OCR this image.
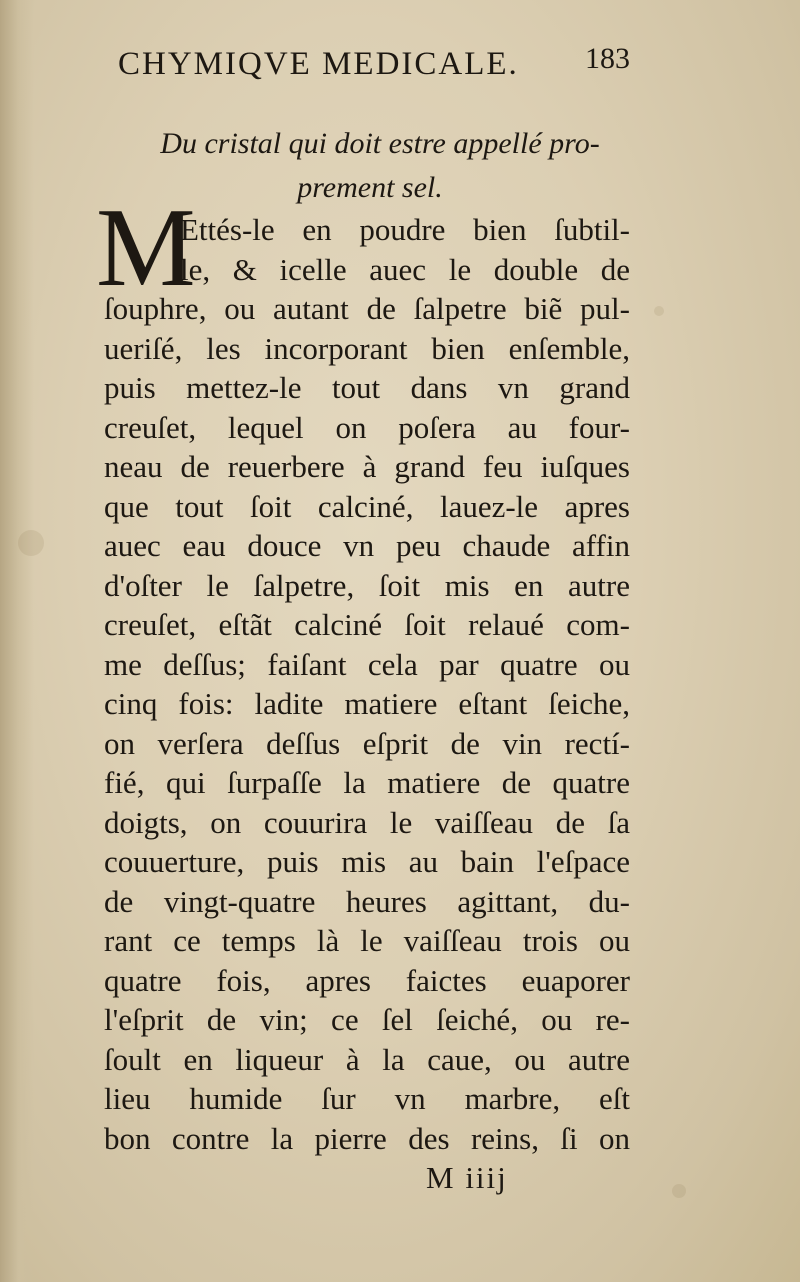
CHYMIQVE MEDICALE. 183
Du cristal qui doit estre appellé pro-
prement sel.
M
Ettés-le en poudre bien ſubtil-
le, & icelle auec le double de
ſouphre, ou autant de ſalpetre biẽ pul-
ueriſé, les incorporant bien enſemble,
puis mettez-le tout dans vn grand
creuſet, lequel on poſera au four-
neau de reuerbere à grand feu iuſques
que tout ſoit calciné, lauez-le apres
auec eau douce vn peu chaude affin
d'oſter le ſalpetre, ſoit mis en autre
creuſet, eſtãt calciné ſoit relaué com-
me deſſus; faiſant cela par quatre ou
cinq fois: ladite matiere eſtant ſeiche,
on verſera deſſus eſprit de vin rectí-
fié, qui ſurpaſſe la matiere de quatre
doigts, on couurira le vaiſſeau de ſa
couuerture, puis mis au bain l'eſpace
de vingt-quatre heures agittant, du-
rant ce temps là le vaiſſeau trois ou
quatre fois, apres faictes euaporer
l'eſprit de vin; ce ſel ſeiché, ou re-
ſoult en liqueur à la caue, ou autre
lieu humide ſur vn marbre, eſt
bon contre la pierre des reins, ſi on
M iiij
